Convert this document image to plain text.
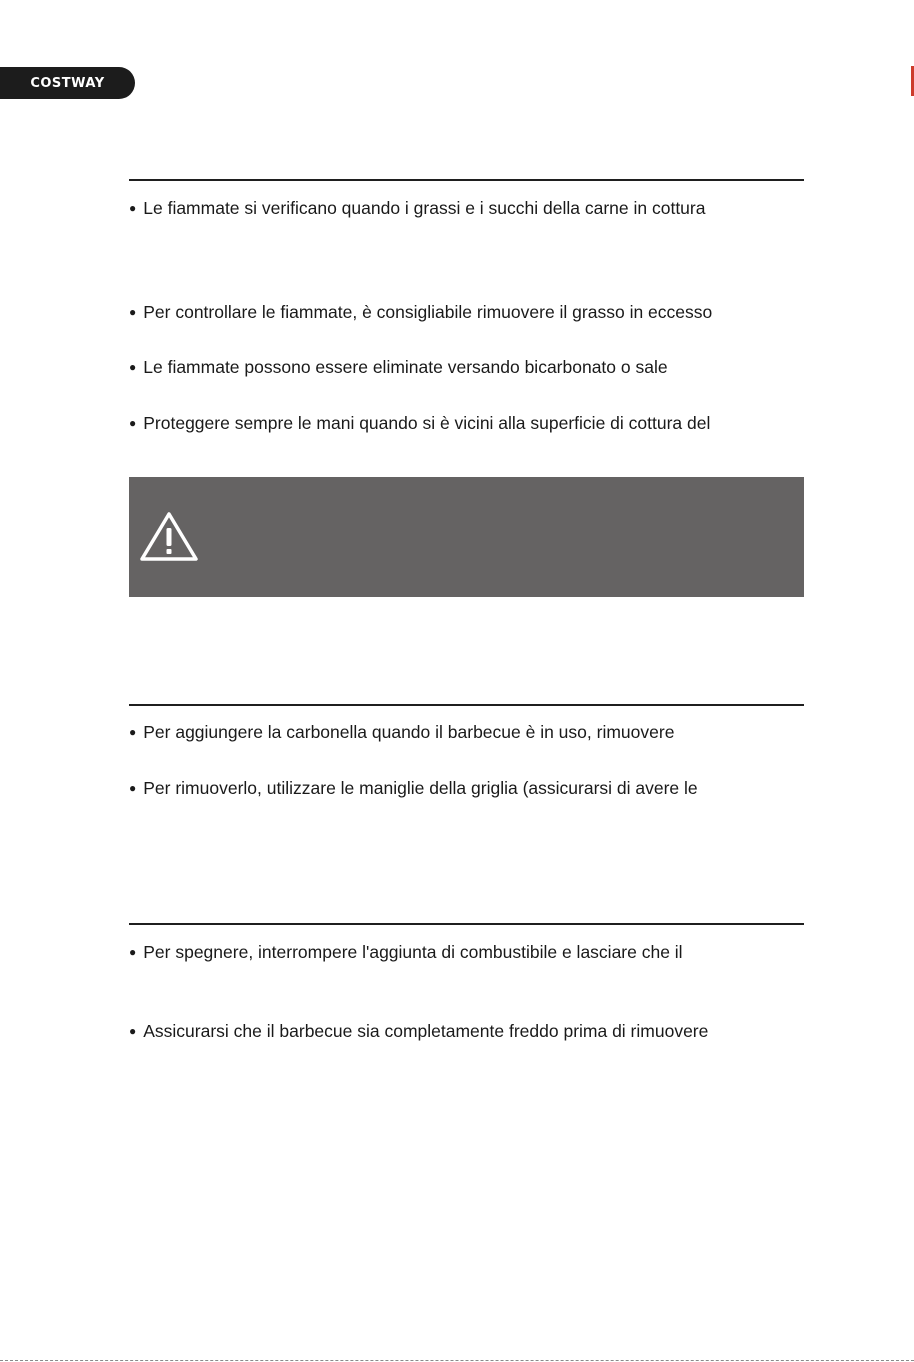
COSTWAY
● Le fiammate si verificano quando i grassi e i succhi della carne in cottura
● Per controllare le fiammate, è consigliabile rimuovere il grasso in eccesso
● Le fiammate possono essere eliminate versando bicarbonato o sale
● Proteggere sempre le mani quando si è vicini alla superficie di cottura del
● Per aggiungere la carbonella quando il barbecue è in uso, rimuovere
● Per rimuoverlo, utilizzare le maniglie della griglia (assicurarsi di avere le
● Per spegnere, interrompere l'aggiunta di combustibile e lasciare che il
● Assicurarsi che il barbecue sia completamente freddo prima di rimuovere
